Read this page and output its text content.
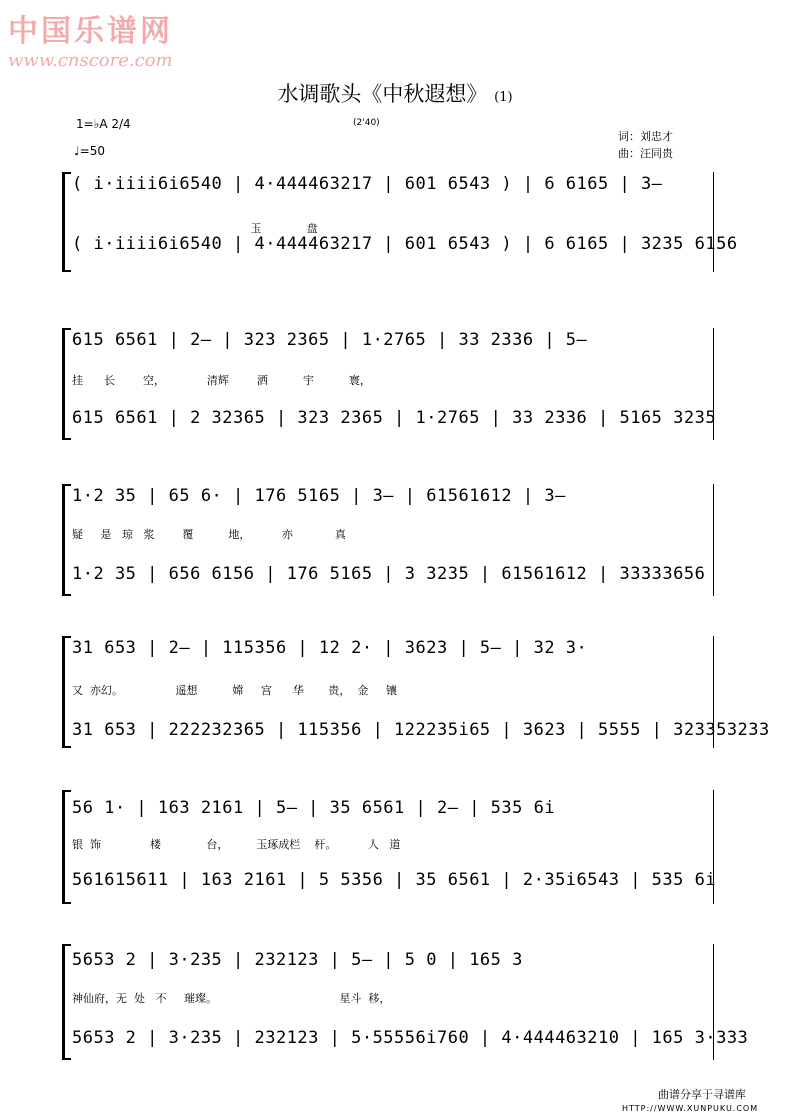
中国乐谱网
www.cnscore.com
水调歌头《中秋遐想》 (1)
1=♭A 2/4
♩=50
(2'40)
词：刘忠才
曲：汪同贵
( i·iiii6i6540 | 4·444463217 | 601 6543 ) | 6 6165 | 3–
玉             盘
( i·iiii6i6540 | 4·444463217 | 601 6543 ) | 6 6165 | 3235 6156
615 6561 | 2– | 323 2365 | 1·2765 | 33 2336 | 5–
挂      长        空，            清辉        洒          宇          寰，
615 6561 | 2 32365 | 323 2365 | 1·2765 | 33 2336 | 5165 3235
1·2 35 | 65 6· | 176 5165 | 3– | 61561612 | 3–
疑     是   琼   浆        覆          地，         亦            真
1·2 35 | 656 6156 | 176 5165 | 3 3235 | 61561612 | 33333656
31 653 | 2– | 115356 | 12 2· | 3623 | 5– | 32 3·
又  亦幻。               遥想          嫦     宫      华       贵，  金     镶
31 653 | 222232365 | 115356 | 122235i65 | 3623 | 5555 | 323353233
56 1· | 163 2161 | 5– | 35 6561 | 2– | 535 6i
银  饰              楼             台，        玉琢成栏    杆。         人   道
561615611 | 163 2161 | 5 5356 | 35 6561 | 2·35i6543 | 535 6i
5653 2 | 3·235 | 232123 | 5– | 5 0 | 165 3
神仙府，无  处   不     璀璨。                                   星斗  移，
5653 2 | 3·235 | 232123 | 5·55556i760 | 4·444463210 | 165 3·333
曲谱分享于寻谱库
HTTP://WWW.XUNPUKU.COM
